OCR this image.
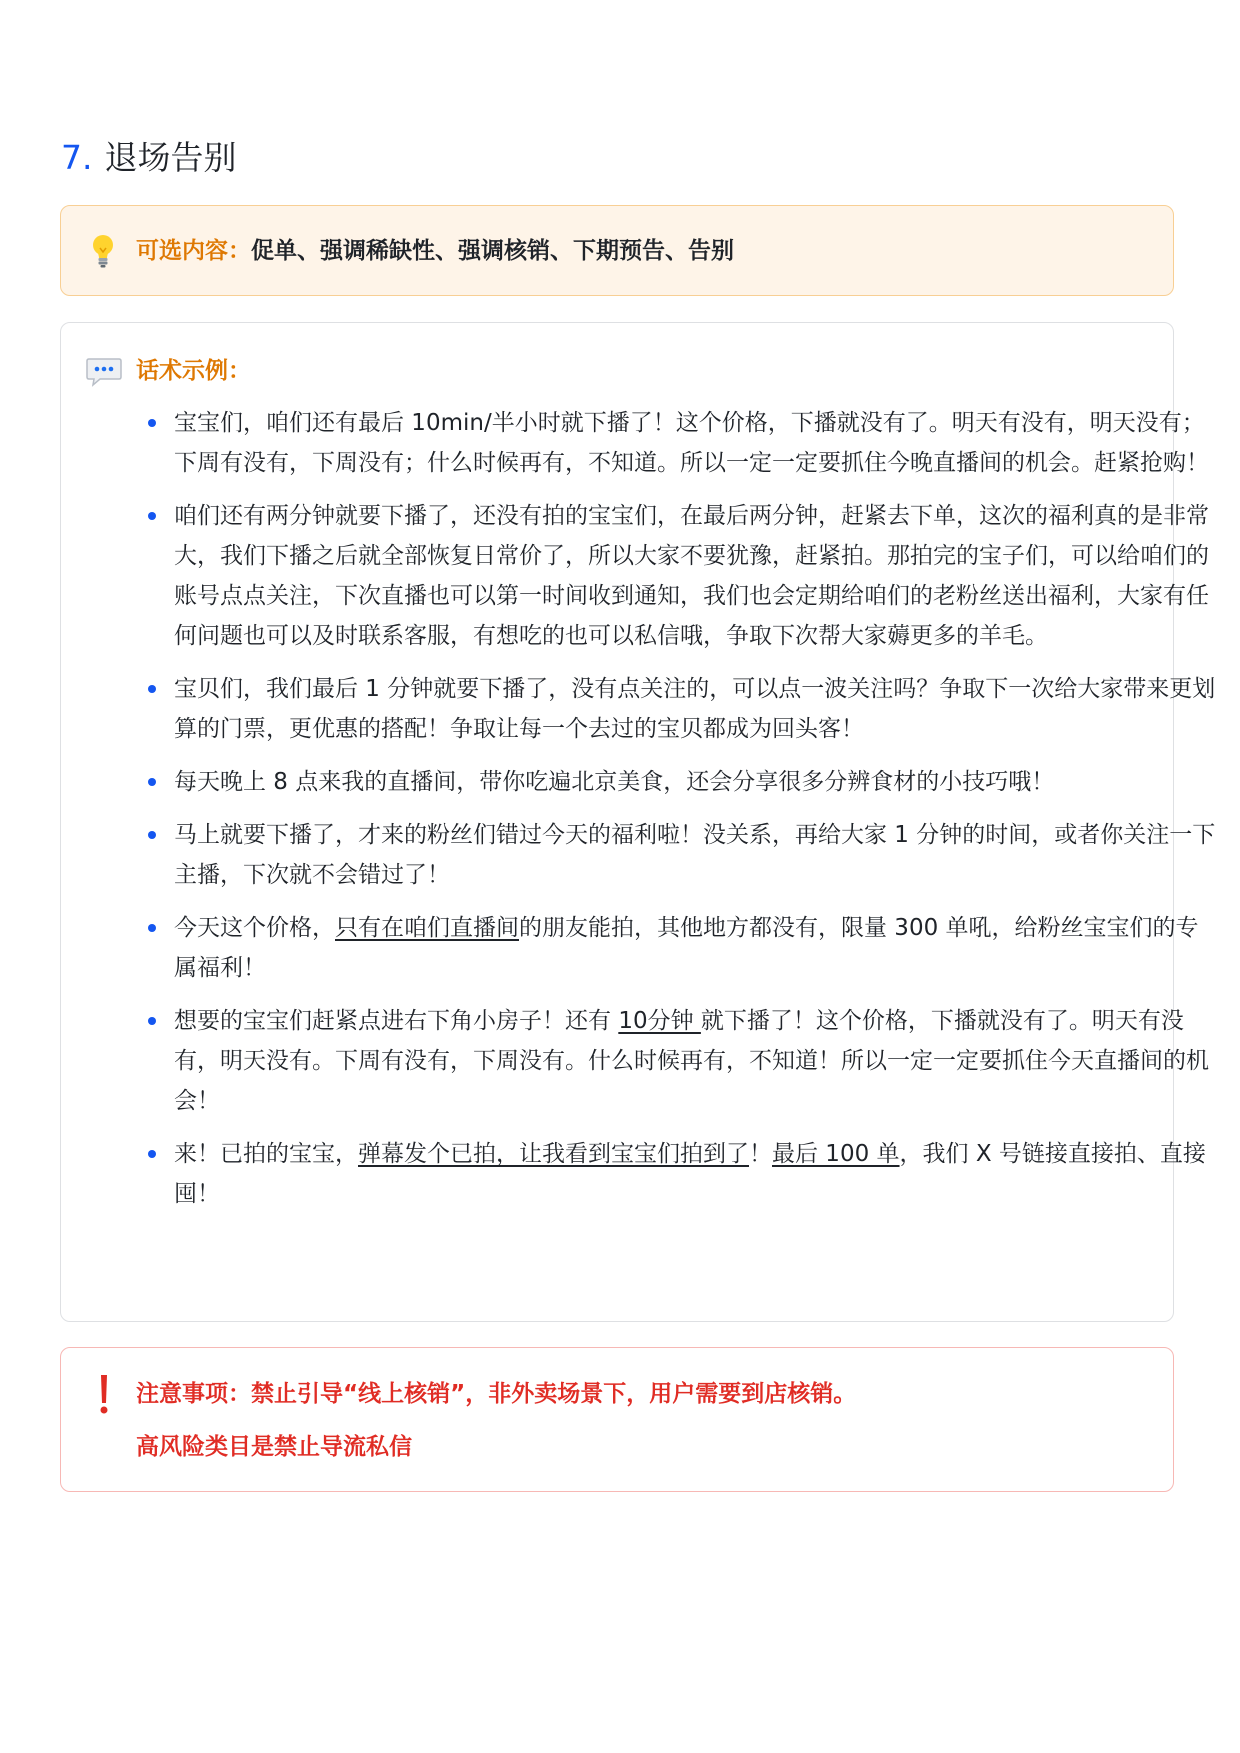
7. 退场告别
可选内容：促单、强调稀缺性、强调核销、下期预告、告别
话术示例：
宝宝们，咱们还有最后 10min/半小时就下播了！这个价格，下播就没有了。明天有没有，明天没有；下周有没有，下周没有；什么时候再有，不知道。所以一定一定要抓住今晚直播间的机会。赶紧抢购！
咱们还有两分钟就要下播了，还没有拍的宝宝们，在最后两分钟，赶紧去下单，这次的福利真的是非常大，我们下播之后就全部恢复日常价了，所以大家不要犹豫，赶紧拍。那拍完的宝子们，可以给咱们的账号点点关注，下次直播也可以第一时间收到通知，我们也会定期给咱们的老粉丝送出福利，大家有任何问题也可以及时联系客服，有想吃的也可以私信哦，争取下次帮大家薅更多的羊毛。
宝贝们，我们最后 1 分钟就要下播了，没有点关注的，可以点一波关注吗？争取下一次给大家带来更划算的门票，更优惠的搭配！争取让每一个去过的宝贝都成为回头客！
每天晚上 8 点来我的直播间，带你吃遍北京美食，还会分享很多分辨食材的小技巧哦！
马上就要下播了，才来的粉丝们错过今天的福利啦！没关系，再给大家 1 分钟的时间，或者你关注一下主播，下次就不会错过了！
今天这个价格，只有在咱们直播间的朋友能拍，其他地方都没有，限量 300 单吼，给粉丝宝宝们的专属福利！
想要的宝宝们赶紧点进右下角小房子！还有 10分钟 就下播了！这个价格，下播就没有了。明天有没有，明天没有。下周有没有，下周没有。什么时候再有，不知道！所以一定一定要抓住今天直播间的机会！
来！已拍的宝宝，弹幕发个已拍，让我看到宝宝们拍到了！最后 100 单，我们 X 号链接直接拍、直接囤！
注意事项：禁止引导“线上核销”，非外卖场景下，用户需要到店核销。
高风险类目是禁止导流私信
